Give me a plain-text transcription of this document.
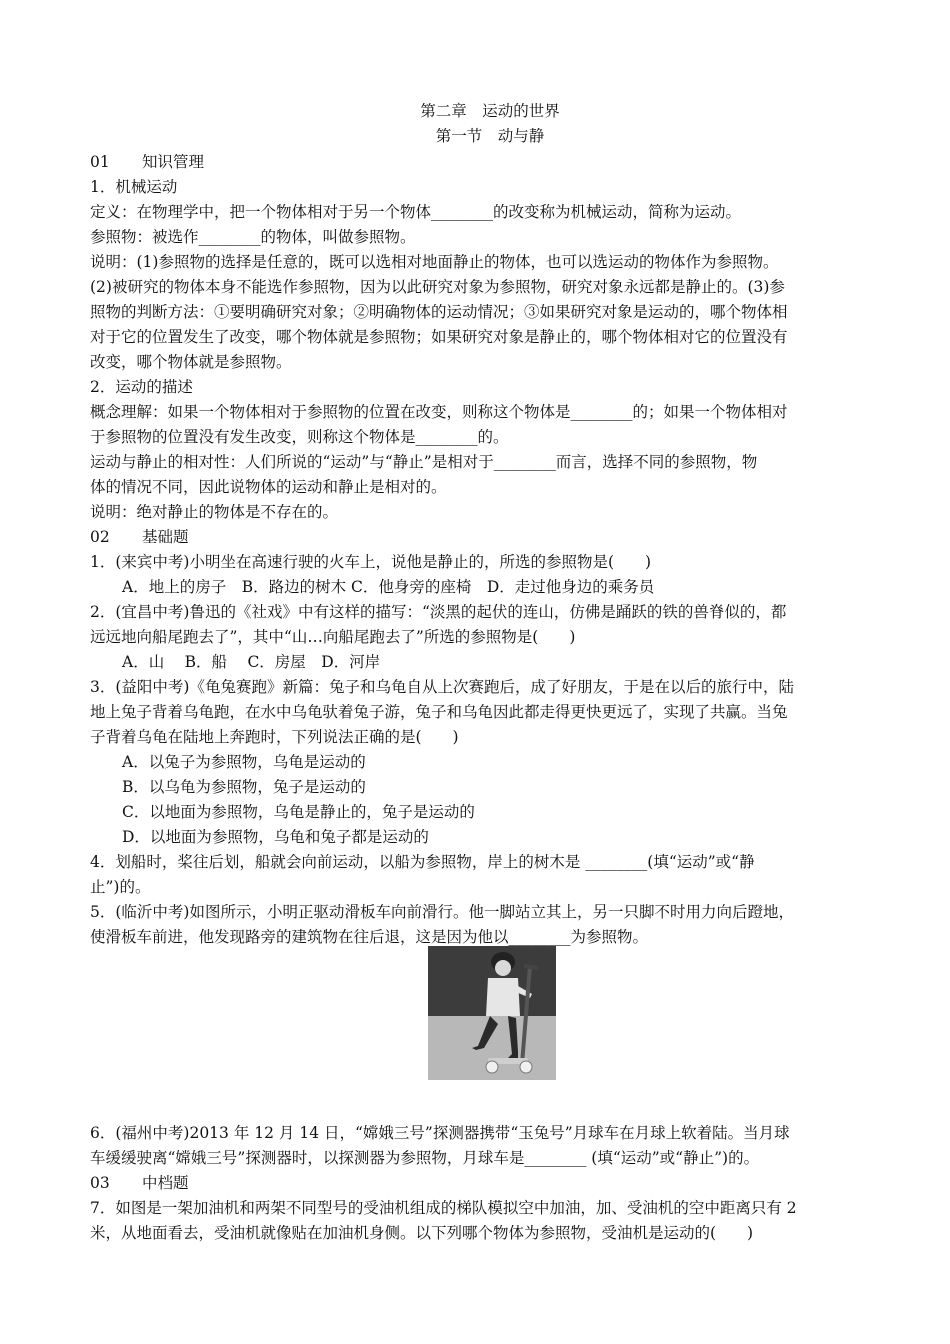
第二章　运动的世界
第一节　动与静
01 知识管理
1．机械运动
定义：在物理学中，把一个物体相对于另一个物体________的改变称为机械运动，简称为运动。
参照物：被选作________的物体，叫做参照物。
说明：(1)参照物的选择是任意的，既可以选相对地面静止的物体，也可以选运动的物体作为参照物。
(2)被研究的物体本身不能选作参照物，因为以此研究对象为参照物，研究对象永远都是静止的。(3)参
照物的判断方法：①要明确研究对象；②明确物体的运动情况；③如果研究对象是运动的，哪个物体相
对于它的位置发生了改变，哪个物体就是参照物；如果研究对象是静止的，哪个物体相对它的位置没有
改变，哪个物体就是参照物。
2．运动的描述
概念理解：如果一个物体相对于参照物的位置在改变，则称这个物体是________的；如果一个物体相对
于参照物的位置没有发生改变，则称这个物体是________的。
运动与静止的相对性：人们所说的“运动”与“静止”是相对于________而言，选择不同的参照物，物
体的情况不同，因此说物体的运动和静止是相对的。
说明：绝对静止的物体是不存在的。
02 基础题
1．(来宾中考)小明坐在高速行驶的火车上，说他是静止的，所选的参照物是(　　)
A．地上的房子　B．路边的树木 C．他身旁的座椅　D．走过他身边的乘务员
2．(宜昌中考)鲁迅的《社戏》中有这样的描写：“淡黑的起伏的连山，仿佛是踊跃的铁的兽脊似的，都
远远地向船尾跑去了”，其中“山…向船尾跑去了”所选的参照物是(　　)
A．山　 B．船　 C．房屋　D．河岸
3．(益阳中考)《龟兔赛跑》新篇：兔子和乌龟自从上次赛跑后，成了好朋友，于是在以后的旅行中，陆
地上兔子背着乌龟跑，在水中乌龟驮着兔子游，兔子和乌龟因此都走得更快更远了，实现了共赢。当兔
子背着乌龟在陆地上奔跑时，下列说法正确的是(　　)
A．以兔子为参照物，乌龟是运动的
B．以乌龟为参照物，兔子是运动的
C．以地面为参照物，乌龟是静止的，兔子是运动的
D．以地面为参照物，乌龟和兔子都是运动的
4．划船时，桨往后划，船就会向前运动，以船为参照物，岸上的树木是 ________(填“运动”或“静
止”)的。
5．(临沂中考)如图所示，小明正驱动滑板车向前滑行。他一脚站立其上，另一只脚不时用力向后蹬地，
使滑板车前进，他发现路旁的建筑物在往后退，这是因为他以________为参照物。
6．(福州中考)2013 年 12 月 14 日，“嫦娥三号”探测器携带“玉兔号”月球车在月球上软着陆。当月球
车缓缓驶离“嫦娥三号”探测器时，以探测器为参照物，月球车是________ (填“运动”或“静止”)的。
03 中档题
7．如图是一架加油机和两架不同型号的受油机组成的梯队模拟空中加油，加、受油机的空中距离只有 2
米，从地面看去，受油机就像贴在加油机身侧。以下列哪个物体为参照物，受油机是运动的(　　)
